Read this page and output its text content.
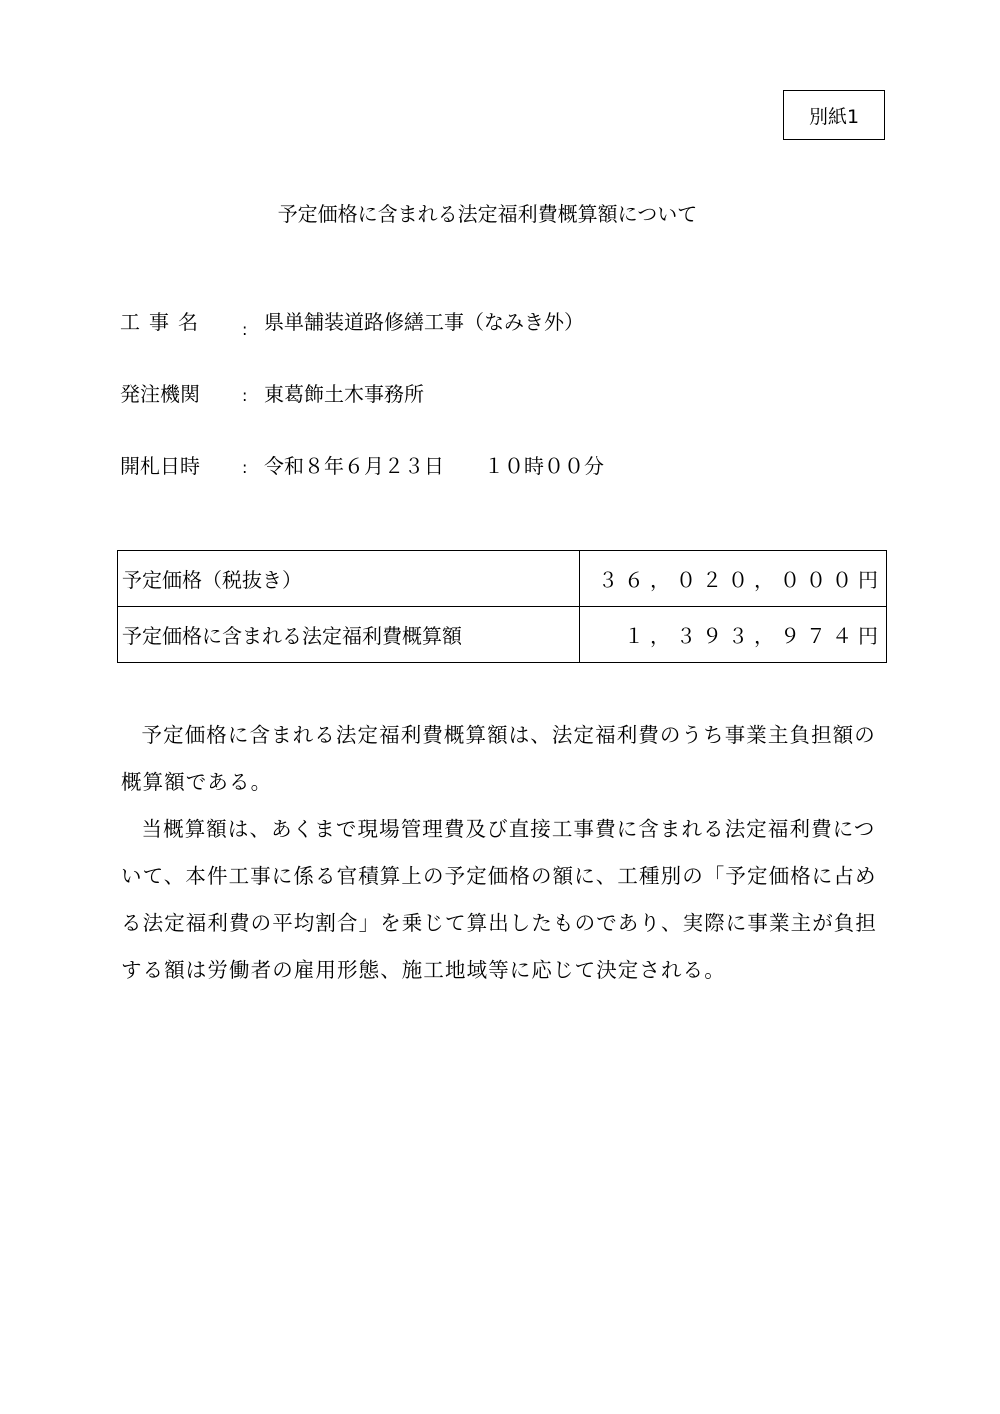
別紙1
予定価格に含まれる法定福利費概算額について
工事名	: 県単舗装道路修繕工事（なみき外）
発注機関	: 東葛飾土木事務所
開札日時	: 令和８年６月２３日　　１０時００分
予定価格（税抜き）	３６，０２０，０００円
予定価格に含まれる法定福利費概算額	１，３９３，９７４円

予定価格に含まれる法定福利費概算額は、法定福利費のうち事業主負担額の概算額である。

当概算額は、あくまで現場管理費及び直接工事費に含まれる法定福利費について、本件工事に係る官積算上の予定価格の額に、工種別の「予定価格に占める法定福利費の平均割合」を乗じて算出したものであり、実際に事業主が負担する額は労働者の雇用形態、施工地域等に応じて決定される。
